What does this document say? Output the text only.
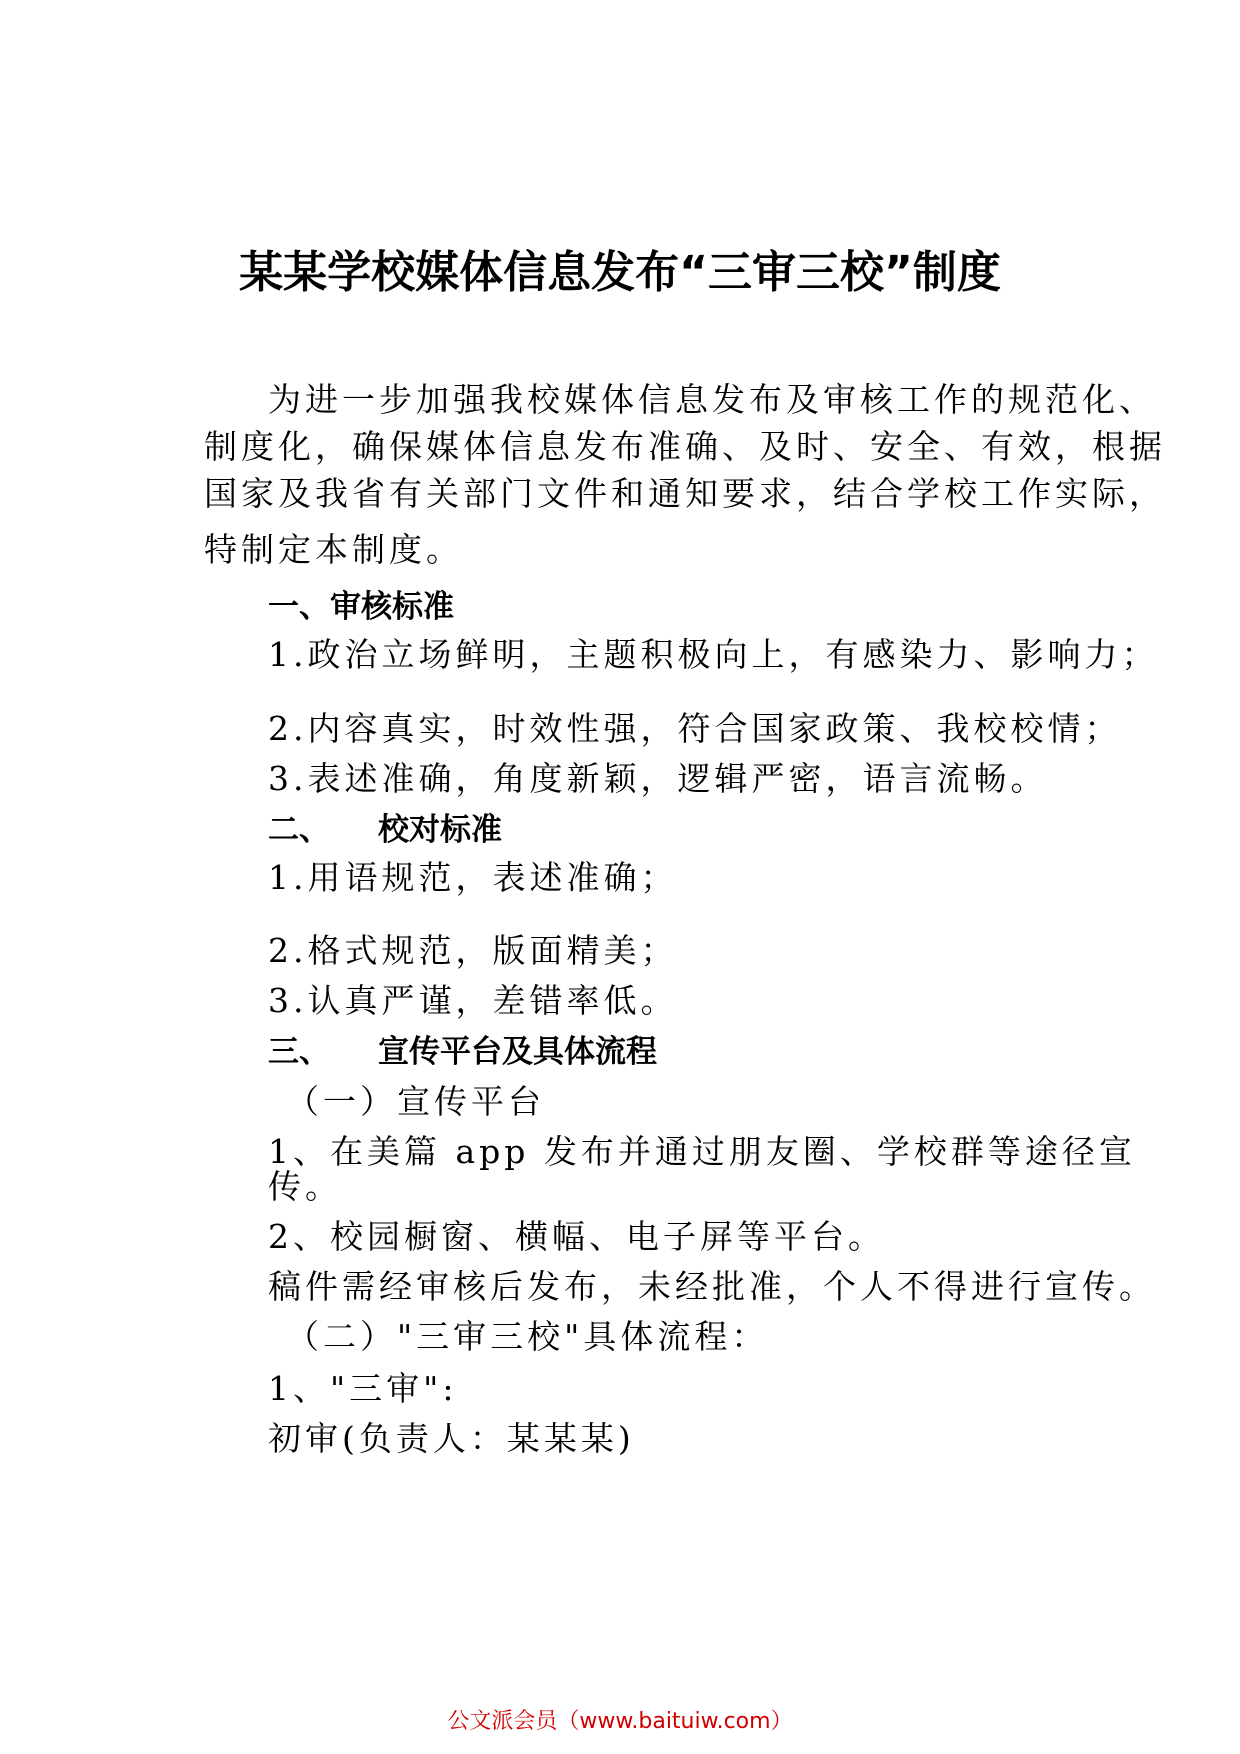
某某学校媒体信息发布“三审三校”制度
为进一步加强我校媒体信息发布及审核工作的规范化、
制度化，确保媒体信息发布准确、及时、安全、有效，根据
国家及我省有关部门文件和通知要求，结合学校工作实际，
特制定本制度。
一、审核标准
1.政治立场鲜明，主题积极向上，有感染力、影响力；
2.内容真实，时效性强，符合国家政策、我校校情；
3.表述准确，角度新颖，逻辑严密，语言流畅。
二、 校对标准
1.用语规范，表述准确；
2.格式规范，版面精美；
3.认真严谨，差错率低。
三、 宣传平台及具体流程
（一）宣传平台
1、在美篇 app 发布并通过朋友圈、学校群等途径宣
传。
2、校园橱窗、横幅、电子屏等平台。
稿件需经审核后发布，未经批准，个人不得进行宣传。
（二）"三审三校"具体流程：
1、"三审":
初审(负责人：某某某)
公文派会员（www.baituiw.com）
